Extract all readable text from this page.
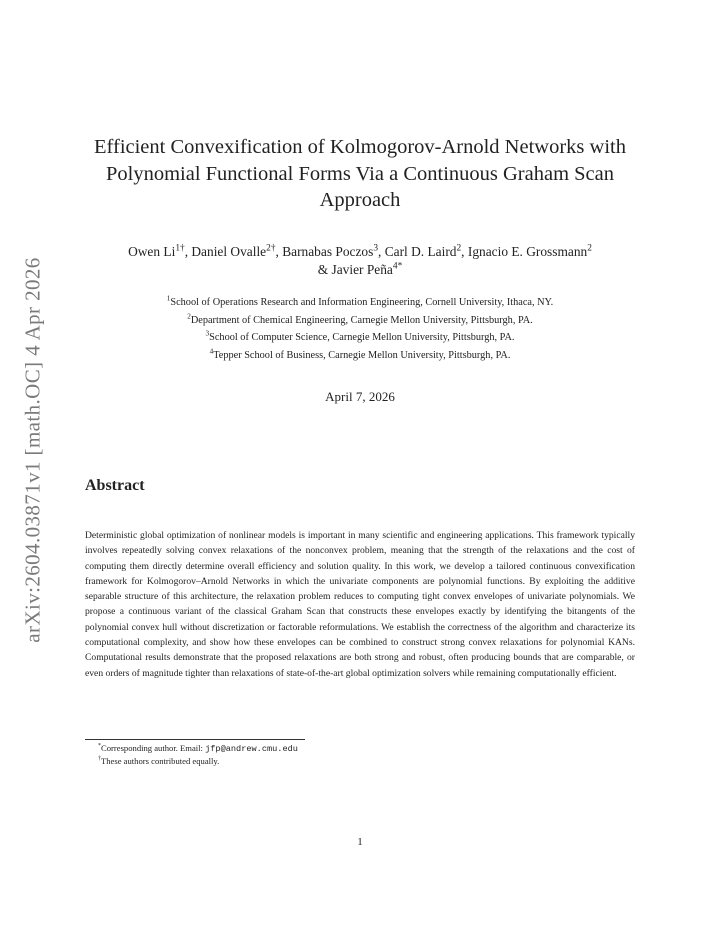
arXiv:2604.03871v1 [math.OC] 4 Apr 2026
Efficient Convexification of Kolmogorov-Arnold Networks with
Polynomial Functional Forms Via a Continuous Graham Scan
Approach
Owen $Li^{1\dagger}$, Daniel Ovalle$^{2\dagger}$, Barnabas Poczos$^3$, Carl D. Laird$^2$, Ignacio E. Grossmann$^2$
& Javier Peña$^{4*}$
$^1$School of Operations Research and Information Engineering, Cornell University, Ithaca, NY.
$^2$Department of Chemical Engineering, Carnegie Mellon University, Pittsburgh, PA.
$^3$School of Computer Science, Carnegie Mellon University, Pittsburgh, PA.
$^4$Tepper School of Business, Carnegie Mellon University, Pittsburgh, PA.
April 7, 2026
Abstract
Deterministic global optimization of nonlinear models is important in many scientific and engineering applications. This framework typically involves repeatedly solving convex relaxations of the nonconvex problem, meaning that the strength of the relaxations and the cost of computing them directly determine overall efficiency and solution quality. In this work, we develop a tailored continuous convexification framework for Kolmogorov–Arnold Networks in which the univariate components are polynomial functions. By exploiting the additive separable structure of this architecture, the relaxation problem reduces to computing tight convex envelopes of univariate polynomials. We propose a continuous variant of the classical Graham Scan that constructs these envelopes exactly by identifying the bitangents of the polynomial convex hull without discretization or factorable reformulations. We establish the correctness of the algorithm and characterize its computational complexity, and show how these envelopes can be combined to construct strong convex relaxations for polynomial KANs. Computational results demonstrate that the proposed relaxations are both strong and robust, often producing bounds that are comparable, or even orders of magnitude tighter than relaxations of state-of-the-art global optimization solvers while remaining computationally efficient.
*Corresponding author. Email: jfp@andrew.cmu.edu
†These authors contributed equally.
1
